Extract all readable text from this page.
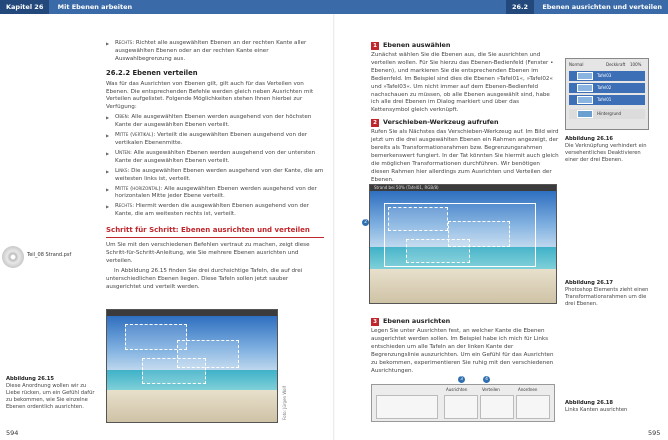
Kapitel 26 Mit Ebenen arbeiten	26.2 Ebenen ausrichten und verteilen
▶ Rechts: Richtet alle ausgewählten Ebenen an der rechten Kante aller ausgewählten Ebenen oder an der rechten Kante einer Auswahlbegrenzung aus.
26.2.2 Ebenen verteilen

Was für das Ausrichten von Ebenen gilt, gilt auch für das Verteilen von Ebenen. Die entsprechenden Befehle werden gleich neben Ausrichten mit Verteilen aufgelistet. Folgende Möglichkeiten stehen Ihnen hierbei zur Verfügung:

▶ Oben: Alle ausgewählten Ebenen werden ausgehend von der höchsten Kante der ausgewählten Ebenen verteilt.
▶ Mitte (vertikal): Verteilt die ausgewählten Ebenen ausgehend von der vertikalen Ebenenmitte.
▶ Unten: Alle ausgewählten Ebenen werden ausgehend von der untersten Kante der ausgewählten Ebenen verteilt.
▶ Links: Die ausgewählten Ebenen werden ausgehend von der Kante, die am weitesten links ist, verteilt.
▶ Mitte (horizontal): Alle ausgewählten Ebenen werden ausgehend von der horizontalen Mitte jeder Ebene verteilt.
▶ Rechts: Hiermit werden die ausgewählten Ebenen ausgehend von der Kante, die am weitesten rechts ist, verteilt.
Schritt für Schritt: Ebenen ausrichten und verteilen

Um Sie mit den verschiedenen Befehlen vertraut zu machen, zeigt diese Schritt-für-Schritt-Anleitung, wie Sie mehrere Ebenen ausrichten und verteilen.

In Abbildung 26.15 finden Sie drei durchsichtige Tafeln, die auf drei unterschiedlichen Ebenen liegen. Diese Tafeln sollen jetzt sauber ausgerichtet und verteilt werden.

Teil_08 Strand.psf
Foto: Jürgen Wolf
Abbildung 26.15
Diese Anordnung wollen wir zu Liebe rücken, um ein Gefühl dafür zu bekommen, wie Sie einzelne Ebenen ordentlich ausrichten.
594
1 Ebenen auswählen

Zunächst wählen Sie die Ebenen aus, die Sie ausrichten und verteilen wollen. Für Sie hierzu das Ebenen-Bedienfeld (Fenster • Ebenen), und markieren Sie die entsprechenden Ebenen im Bedienfeld. Im Beispiel sind dies die Ebenen »Tafel01«, »Tafel02« und »Tafel03«. Um nicht immer auf dem Ebenen-Bedienfeld nachschauen zu müssen, ob alle Ebenen ausgewählt sind, habe ich alle drei Ebenen im Dialog markiert und über das Kettensymbol gleich verknüpft.

2 Verschieben-Werkzeug aufrufen

Rufen Sie als Nächstes das Verschieben-Werkzeug auf. Im Bild wird jetzt um die drei ausgewählten Ebenen ein Rahmen angezeigt, der bereits als Transformationsrahmen bzw. Begrenzungsrahmen bemerkenswert fungiert. In der Tat könnten Sie hiermit auch gleich die möglichen Transformationen durchführen. Wir benötigen diesen Rahmen hier allerdings zum Ausrichten und Verteilen der Ebenen.

Normal	Deckkraft 100%
Tafel03
Tafel02
Tafel01
Hintergrund
Abbildung 26.16
Die Verknüpfung verhindert ein versehentliches Deaktivieren einer der drei Ebenen.
2
Strand bei 50% (Tafel01, RGB/8)
Abbildung 26.17
Photoshop Elements zieht einen Transformationsrahmen um die drei Ebenen.
3 Ebenen ausrichten

Legen Sie unter Ausrichten fest, an welcher Kante die Ebenen ausgerichtet werden sollen. Im Beispiel habe ich mich für Links entschieden um alle Tafeln an der linken Kante der Begrenzungslinie auszurichten. Um ein Gefühl für das Ausrichten zu bekommen, experimentieren Sie ruhig mit den verschiedenen Ausrichtungen.

3	4
Ausrichten	Verteilen	Anordnen
Abbildung 26.18
Links Kanten ausrichten
595
